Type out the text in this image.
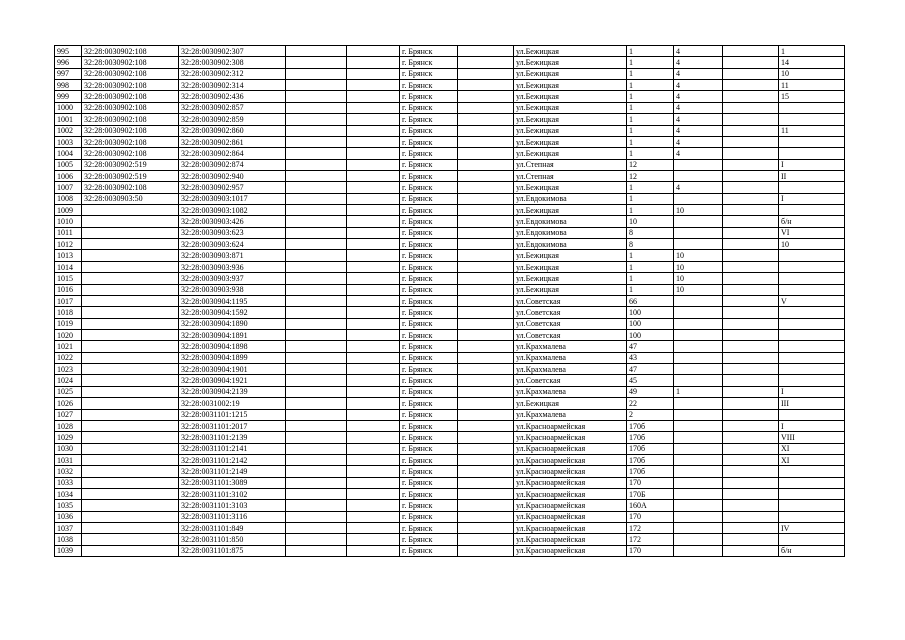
995	32:28:0030902:108	32:28:0030902:307			г. Брянск		ул.Бежицкая	1	4		1
996	32:28:0030902:108	32:28:0030902:308			г. Брянск		ул.Бежицкая	1	4		14
997	32:28:0030902:108	32:28:0030902:312			г. Брянск		ул.Бежицкая	1	4		10
998	32:28:0030902:108	32:28:0030902:314			г. Брянск		ул.Бежицкая	1	4		11
999	32:28:0030902:108	32:28:0030902:436			г. Брянск		ул.Бежицкая	1	4		15
1000	32:28:0030902:108	32:28:0030902:857			г. Брянск		ул.Бежицкая	1	4		
1001	32:28:0030902:108	32:28:0030902:859			г. Брянск		ул.Бежицкая	1	4		
1002	32:28:0030902:108	32:28:0030902:860			г. Брянск		ул.Бежицкая	1	4		11
1003	32:28:0030902:108	32:28:0030902:861			г. Брянск		ул.Бежицкая	1	4		
1004	32:28:0030902:108	32:28:0030902:864			г. Брянск		ул.Бежицкая	1	4		
1005	32:28:0030902:519	32:28:0030902:874			г. Брянск		ул.Степная	12			I
1006	32:28:0030902:519	32:28:0030902:940			г. Брянск		ул.Степная	12			II
1007	32:28:0030902:108	32:28:0030902:957			г. Брянск		ул.Бежицкая	1	4		
1008	32:28:0030903:50	32:28:0030903:1017			г. Брянск		ул.Евдокимова	1			I
1009		32:28:0030903:1082			г. Брянск		ул.Бежицкая	1	10		
1010		32:28:0030903:426			г. Брянск		ул.Евдокимова	10			б/н
1011		32:28:0030903:623			г. Брянск		ул.Евдокимова	8			VI
1012		32:28:0030903:624			г. Брянск		ул.Евдокимова	8			10
1013		32:28:0030903:871			г. Брянск		ул.Бежицкая	1	10		
1014		32:28:0030903:936			г. Брянск		ул.Бежицкая	1	10		
1015		32:28:0030903:937			г. Брянск		ул.Бежицкая	1	10		
1016		32:28:0030903:938			г. Брянск		ул.Бежицкая	1	10		
1017		32:28:0030904:1195			г. Брянск		ул.Советская	66			V
1018		32:28:0030904:1592			г. Брянск		ул.Советская	100			
1019		32:28:0030904:1890			г. Брянск		ул.Советская	100			
1020		32:28:0030904:1891			г. Брянск		ул.Советская	100			
1021		32:28:0030904:1898			г. Брянск		ул.Крахмалева	47			
1022		32:28:0030904:1899			г. Брянск		ул.Крахмалева	43			
1023		32:28:0030904:1901			г. Брянск		ул.Крахмалева	47			
1024		32:28:0030904:1921			г. Брянск		ул.Советская	45			
1025		32:28:0030904:2139			г. Брянск		ул.Крахмалева	49	1		I
1026		32:28:0031002:19			г. Брянск		ул.Бежицкая	22			III
1027		32:28:0031101:1215			г. Брянск		ул.Крахмалева	2			
1028		32:28:0031101:2017			г. Брянск		ул.Красноармейская	170б			I
1029		32:28:0031101:2139			г. Брянск		ул.Красноармейская	170б			VIII
1030		32:28:0031101:2141			г. Брянск		ул.Красноармейская	170б			XI
1031		32:28:0031101:2142			г. Брянск		ул.Красноармейская	170б			XI
1032		32:28:0031101:2149			г. Брянск		ул.Красноармейская	170б			
1033		32:28:0031101:3089			г. Брянск		ул.Красноармейская	170			
1034		32:28:0031101:3102			г. Брянск		ул.Красноармейская	170Б			
1035		32:28:0031101:3103			г. Брянск		ул.Красноармейская	160А			
1036		32:28:0031101:3116			г. Брянск		ул.Красноармейская	170			
1037		32:28:0031101:849			г. Брянск		ул.Красноармейская	172			IV
1038		32:28:0031101:850			г. Брянск		ул.Красноармейская	172			
1039		32:28:0031101:875			г. Брянск		ул.Красноармейская	170			б/н
